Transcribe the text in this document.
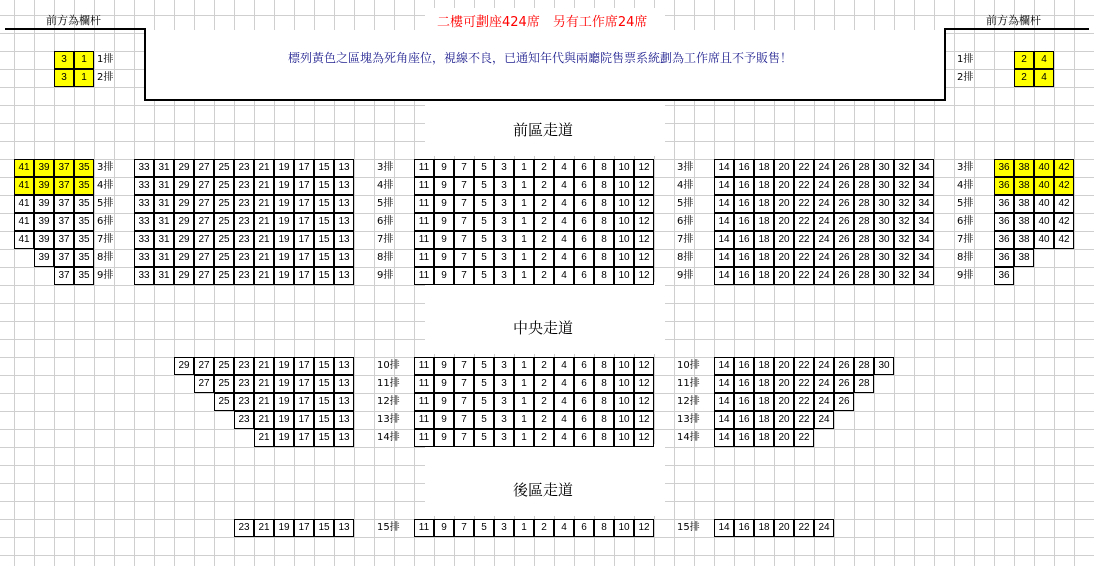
前方為欄杆	前方為欄杆
二樓可劃座424席　另有工作席24席
標列黃色之區塊為死角座位，視線不良，已通知年代與兩廳院售票系統劃為工作席且不予販售！
前區走道
中央走道
後區走道
3	1	1排
3	1	2排
1排	2	4
2排	2	4
41 39 37 35 3排	33 31 29 27 25 23 21 19 17 15 13	3排	11	9	7	5	3	1	2	4	6	8	10 12	3排	14 16 18 20 22 24 26 28 30 32 34	3排	36 38 40 42
41 39 37 35 4排	33 31 29 27 25 23 21 19 17 15 13	4排	11	9	7	5	3	1	2	4	6	8	10 12	4排	14 16 18 20 22 24 26 28 30 32 34	4排	36 38 40 42
41 39 37 35 5排	33 31 29 27 25 23 21 19 17 15 13	5排	11	9	7	5	3	1	2	4	6	8	10 12	5排	14 16 18 20 22 24 26 28 30 32 34	5排	36 38 40 42
41 39 37 35 6排	33 31 29 27 25 23 21 19 17 15 13	6排	11	9	7	5	3	1	2	4	6	8	10 12	6排	14 16 18 20 22 24 26 28 30 32 34	6排	36 38 40 42
41 39 37 35 7排	33 31 29 27 25 23 21 19 17 15 13	7排	11	9	7	5	3	1	2	4	6	8	10 12	7排	14 16 18 20 22 24 26 28 30 32 34	7排	36 38 40 42
39 37 35 8排	33 31 29 27 25 23 21 19 17 15 13	8排	11	9	7	5	3	1	2	4	6	8	10 12	8排	14 16 18 20 22 24 26 28 30 32 34	8排	36 38
37 35 9排	33 31 29 27 25 23 21 19 17 15 13	9排	11	9	7	5	3	1	2	4	6	8	10 12	9排	14 16 18 20 22 24 26 28 30 32 34	9排	36
29 27 25 23 21 19 17 15 13	10排	11	9	7	5	3	1	2	4	6	8	10 12	10排	14 16 18 20 22 24 26 28 30
27 25 23 21 19 17 15 13	11排	11	9	7	5	3	1	2	4	6	8	10 12	11排	14 16 18 20 22 24 26 28
25 23 21 19 17 15 13	12排	11	9	7	5	3	1	2	4	6	8	10 12	12排	14 16 18 20 22 24 26
23 21 19 17 15 13	13排	11	9	7	5	3	1	2	4	6	8	10 12	13排	14 16 18 20 22 24
21 19 17 15 13	14排	11	9	7	5	3	1	2	4	6	8	10 12	14排	14 16 18 20 22
23 21 19 17 15 13	15排	11	9	7	5	3	1	2	4	6	8	10 12	15排	14 16 18 20 22 24
